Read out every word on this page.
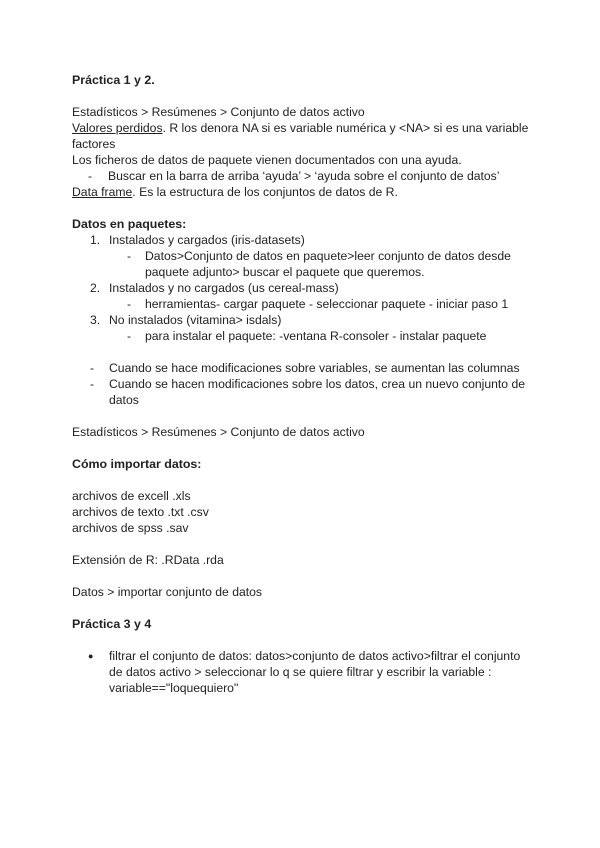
Práctica 1 y 2.
Estadísticos > Resúmenes > Conjunto de datos activo
Valores perdidos. R los denora NA si es variable numérica y <NA> si es una variable
factores
Los ficheros de datos de paquete vienen documentados con una ayuda.
- Buscar en la barra de arriba ‘ayuda’ > ‘ayuda sobre el conjunto de datos’
Data frame. Es la estructura de los conjuntos de datos de R.
Datos en paquetes:
1. Instalados y cargados (iris-datasets)
- Datos>Conjunto de datos en paquete>leer conjunto de datos desde
paquete adjunto> buscar el paquete que queremos.
2. Instalados y no cargados (us cereal-mass)
- herramientas- cargar paquete - seleccionar paquete - iniciar paso 1
3. No instalados (vitamina> isdals)
- para instalar el paquete: -ventana R-consoler - instalar paquete
- Cuando se hace modificaciones sobre variables, se aumentan las columnas
- Cuando se hacen modificaciones sobre los datos, crea un nuevo conjunto de
datos
Estadísticos > Resúmenes > Conjunto de datos activo
Cómo importar datos:
archivos de excell .xls
archivos de texto .txt .csv
archivos de spss .sav
Extensión de R: .RData .rda
Datos > importar conjunto de datos
Práctica 3 y 4
● filtrar el conjunto de datos: datos>conjunto de datos activo>filtrar el conjunto
de datos activo > seleccionar lo q se quiere filtrar y escribir la variable :
variable=="loquequiero"
